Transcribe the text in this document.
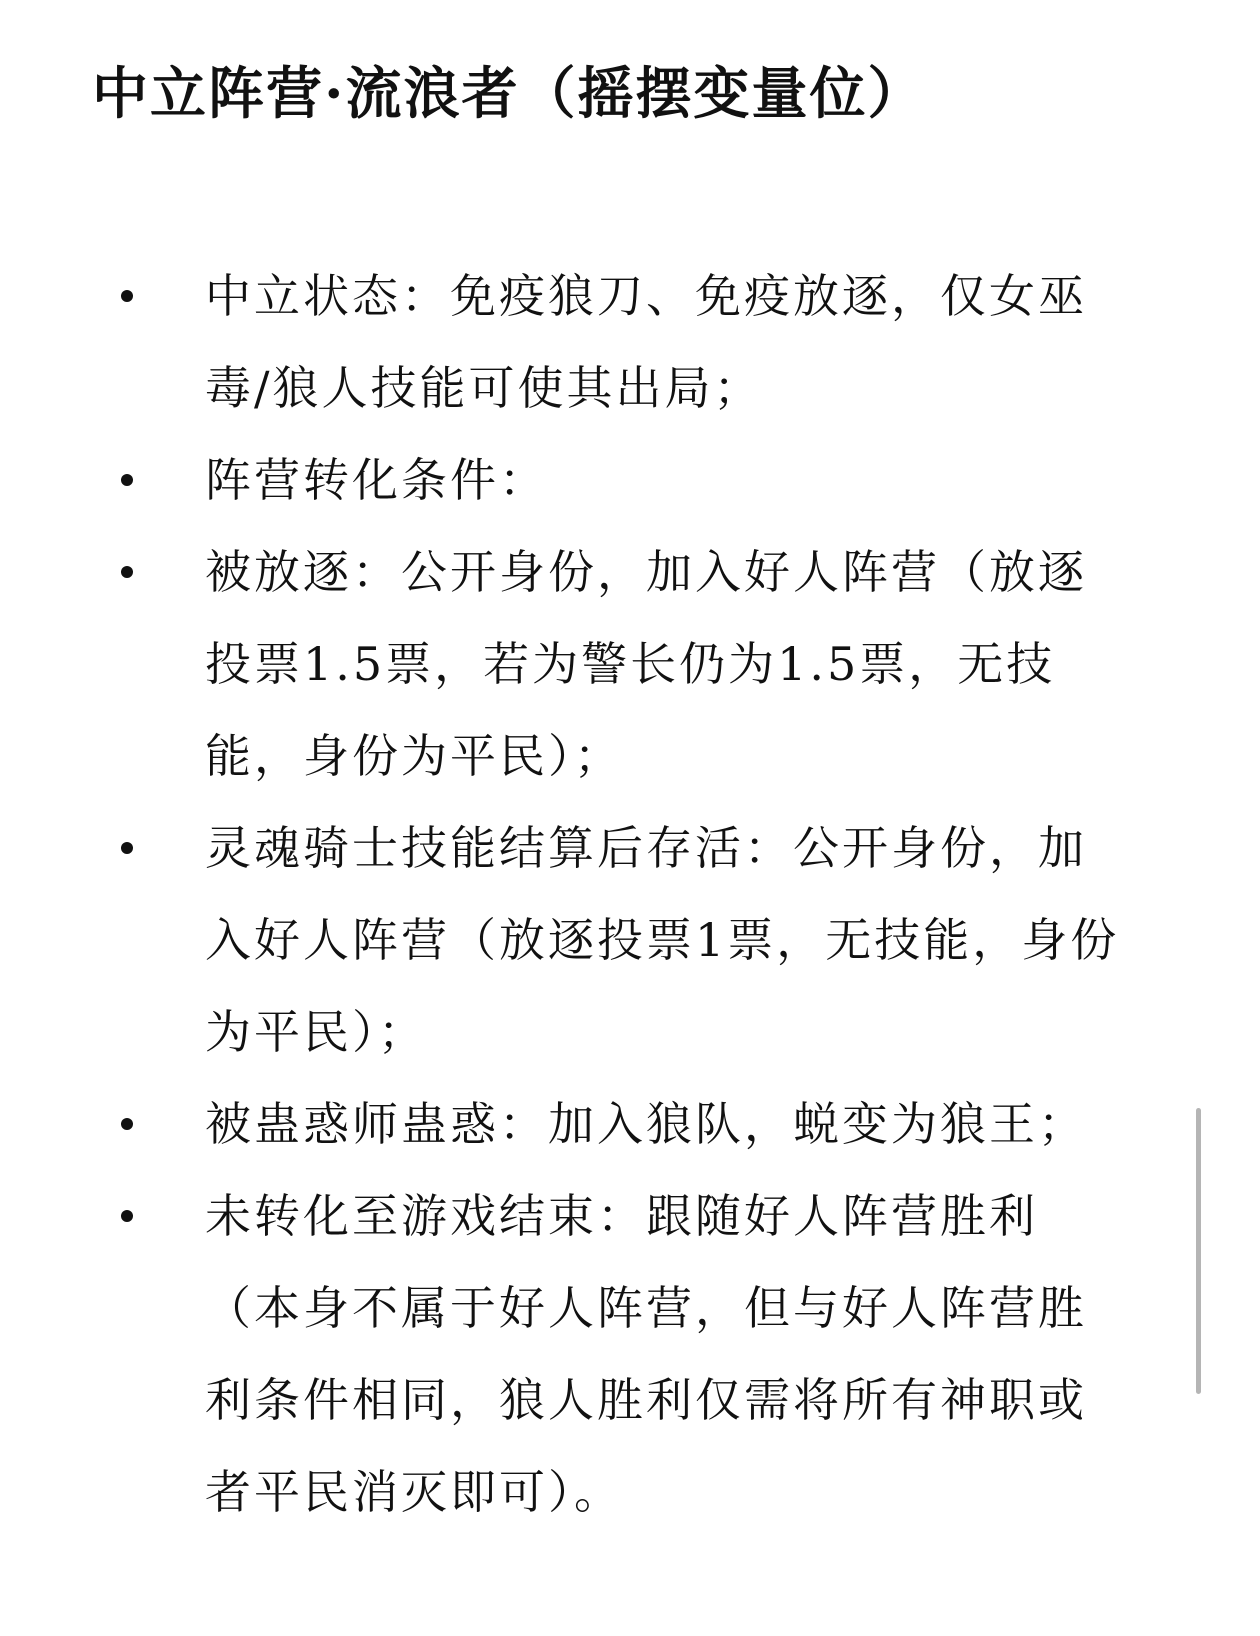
中立阵营·流浪者（摇摆变量位）
中立状态：免疫狼刀、免疫放逐，仅女巫毒/狼人技能可使其出局；
阵营转化条件：
被放逐：公开身份，加入好人阵营（放逐投票1.5票，若为警长仍为1.5票，无技能，身份为平民）；
灵魂骑士技能结算后存活：公开身份，加入好人阵营（放逐投票1票，无技能，身份为平民）；
被蛊惑师蛊惑：加入狼队，蜕变为狼王；
未转化至游戏结束：跟随好人阵营胜利（本身不属于好人阵营，但与好人阵营胜利条件相同，狼人胜利仅需将所有神职或者平民消灭即可）。
